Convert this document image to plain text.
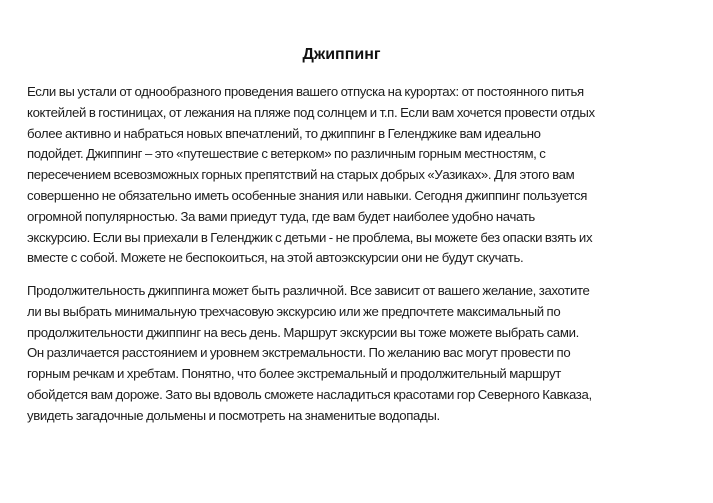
Джиппинг

Если вы устали от однообразного проведения вашего отпуска на курортах: от постоянного питья
коктейлей в гостиницах, от лежания на пляже под солнцем и т.п. Если вам хочется провести отдых
более активно и набраться новых впечатлений, то джиппинг в Геленджике вам идеально
подойдет. Джиппинг – это «путешествие с ветерком» по различным горным местностям, с
пересечением всевозможных горных препятствий на старых добрых «Уазиках». Для этого вам
совершенно не обязательно иметь особенные знания или навыки. Сегодня джиппинг пользуется
огромной популярностью. За вами приедут туда, где вам будет наиболее удобно начать
экскурсию. Если вы приехали в Геленджик с детьми - не проблема, вы можете без опаски взять их
вместе с собой. Можете не беспокоиться, на этой автоэкскурсии они не будут скучать.

Продолжительность джиппинга может быть различной. Все зависит от вашего желание, захотите
ли вы выбрать минимальную трехчасовую экскурсию или же предпочтете максимальный по
продолжительности джиппинг на весь день. Маршрут экскурсии вы тоже можете выбрать сами.
Он различается расстоянием и уровнем экстремальности. По желанию вас могут провести по
горным речкам и хребтам. Понятно, что более экстремальный и продолжительный маршрут
обойдется вам дороже. Зато вы вдоволь сможете насладиться красотами гор Северного Кавказа,
увидеть загадочные дольмены и посмотреть на знаменитые водопады.
